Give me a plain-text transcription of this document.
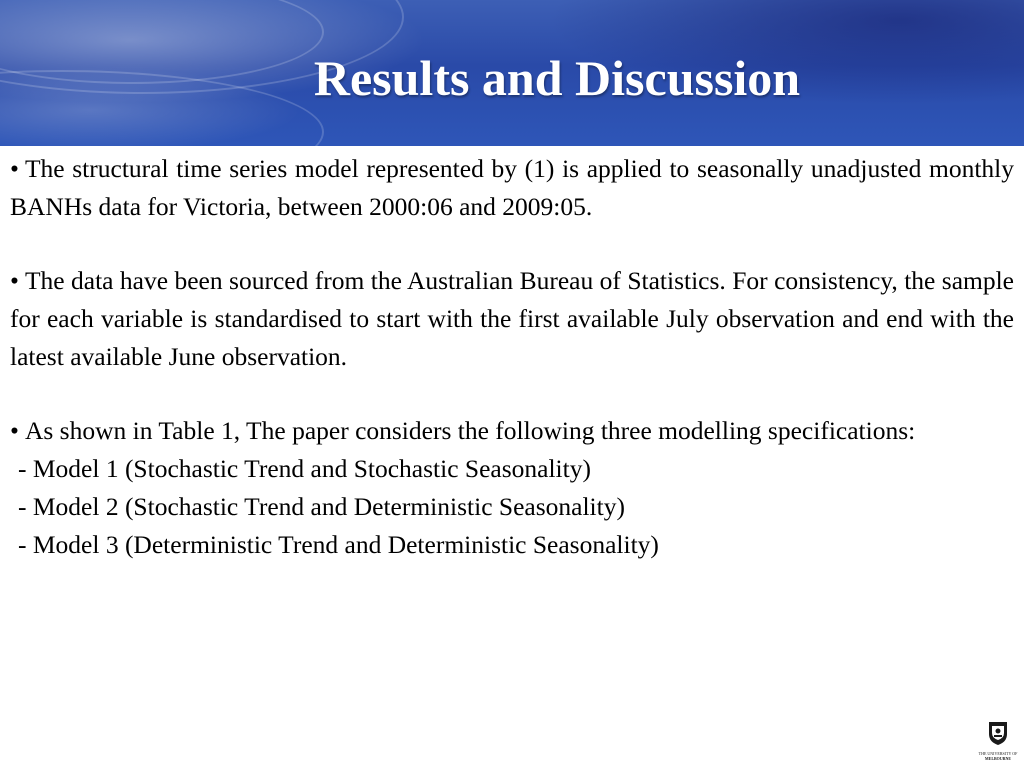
Results and Discussion

• The structural time series model represented by (1) is applied to seasonally unadjusted monthly BANHs data for Victoria, between 2000:06 and 2009:05.

• The data have been sourced from the Australian Bureau of Statistics. For consistency, the sample for each variable is standardised to start with the first available July observation and end with the latest available June observation.

• As shown in Table 1, The paper considers the following three modelling specifications:

- Model 1 (Stochastic Trend and Stochastic Seasonality)

- Model 2 (Stochastic Trend and Deterministic Seasonality)

- Model 3 (Deterministic Trend and Deterministic Seasonality)

THE UNIVERSITY OF
MELBOURNE
